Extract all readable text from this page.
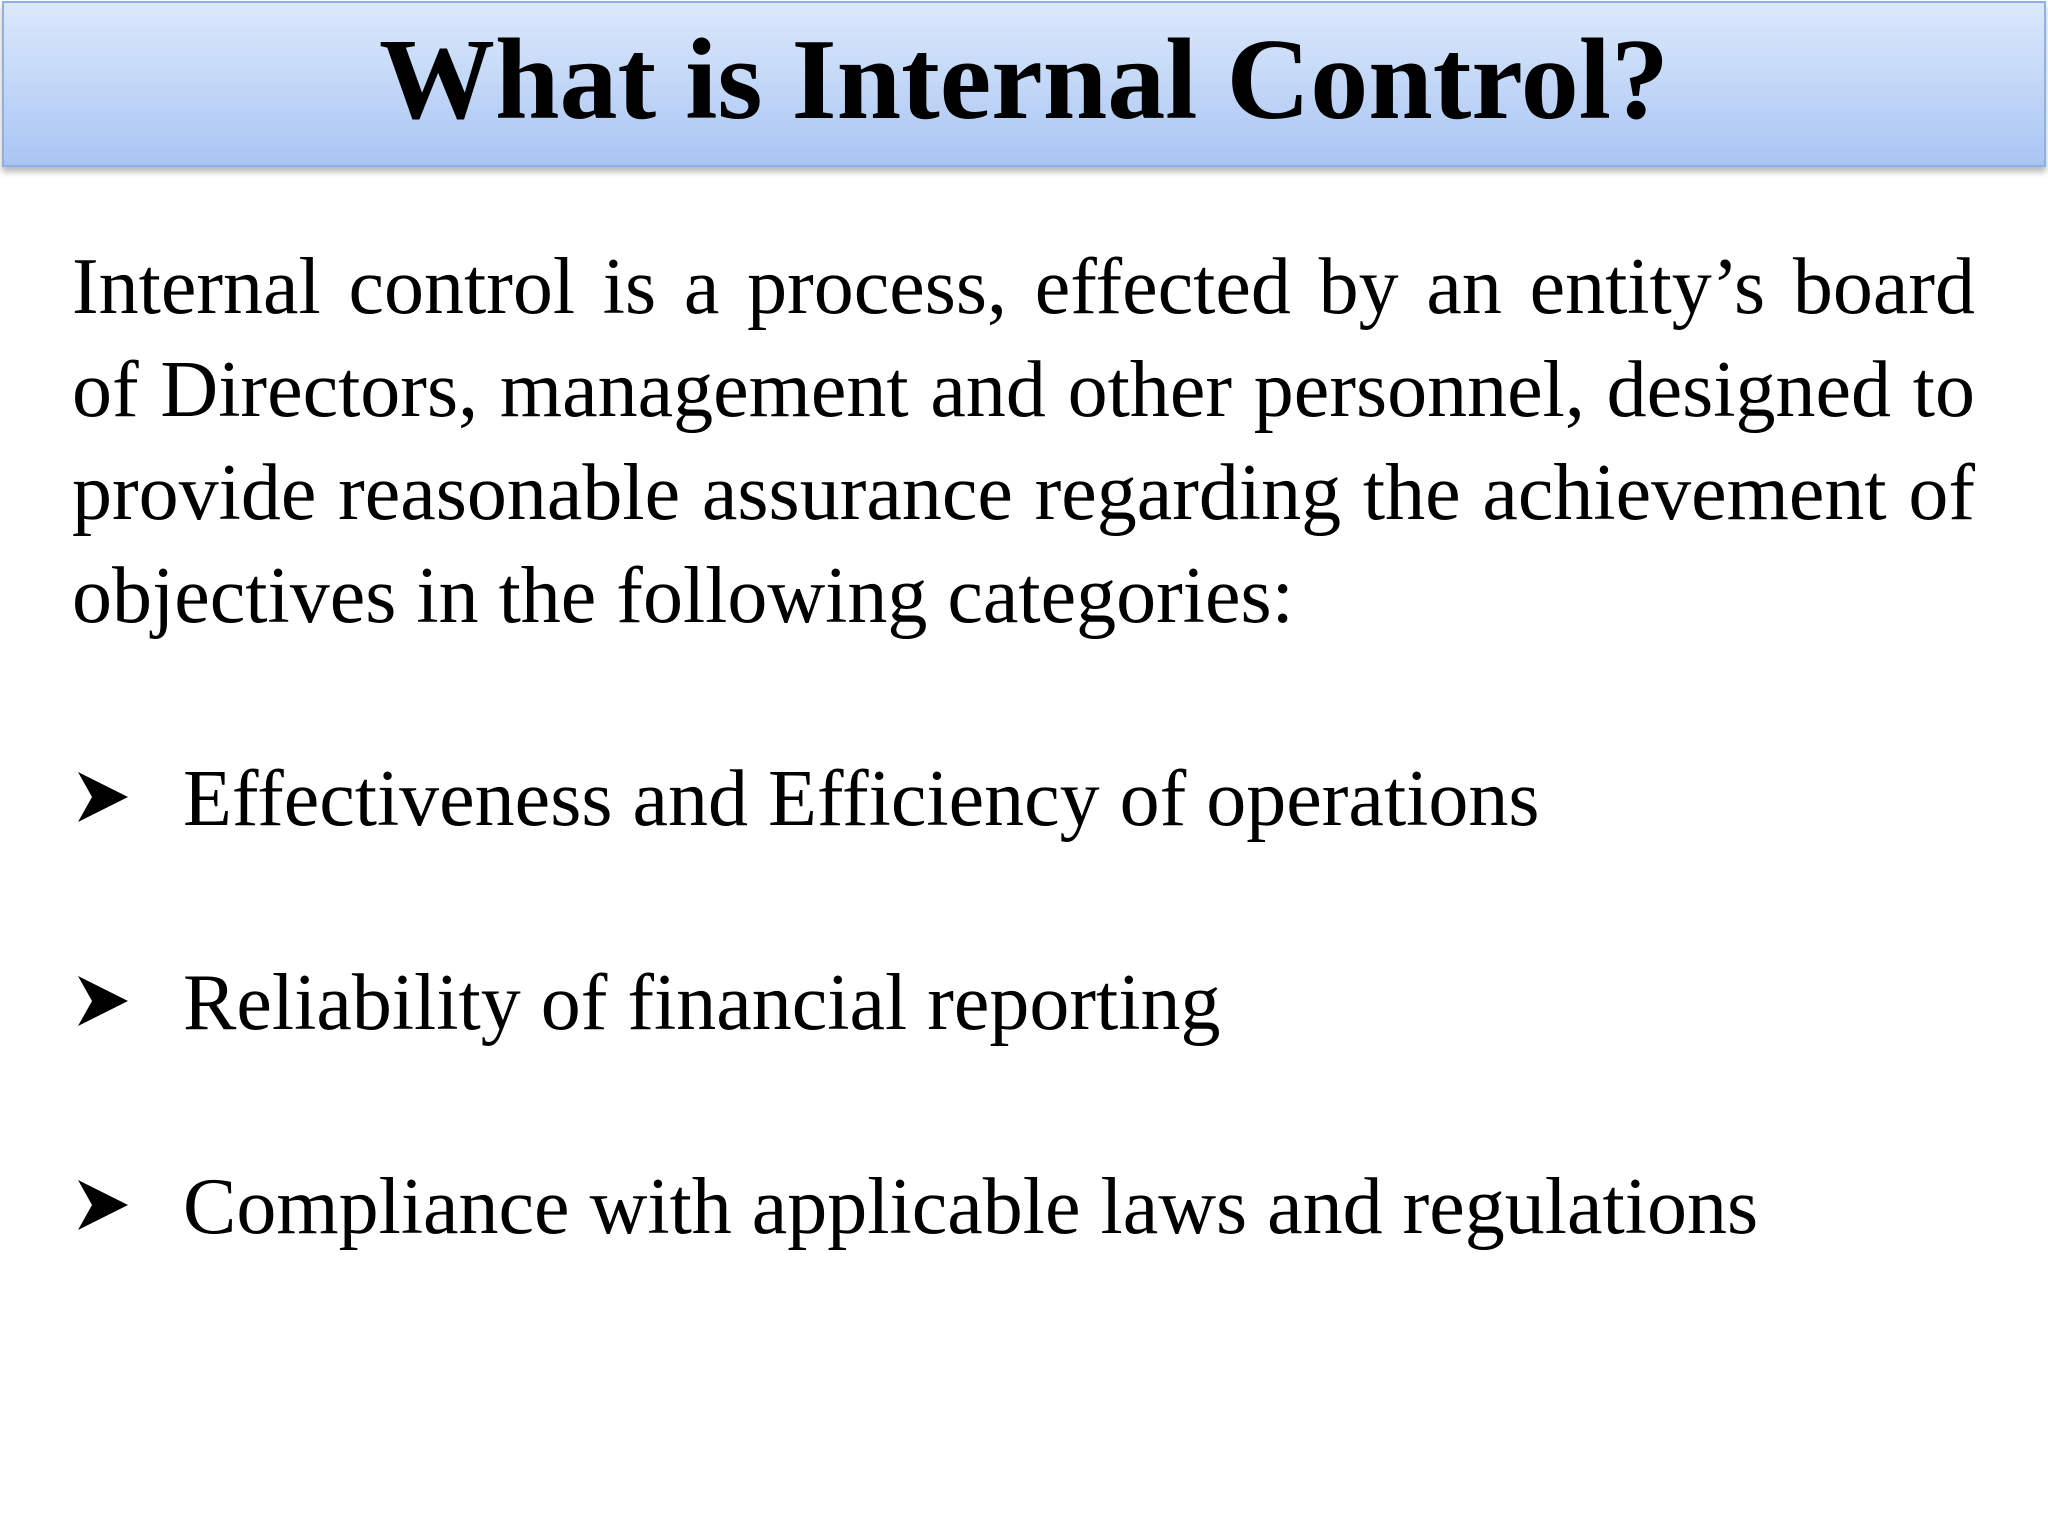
What is Internal Control?

Internal control is a process, effected by an entity’s board of Directors, management and other personnel, designed to provide reasonable assurance regarding the achievement of objectives in the following categories:

Effectiveness and Efficiency of operations
Reliability of financial reporting
Compliance with applicable laws and regulations
